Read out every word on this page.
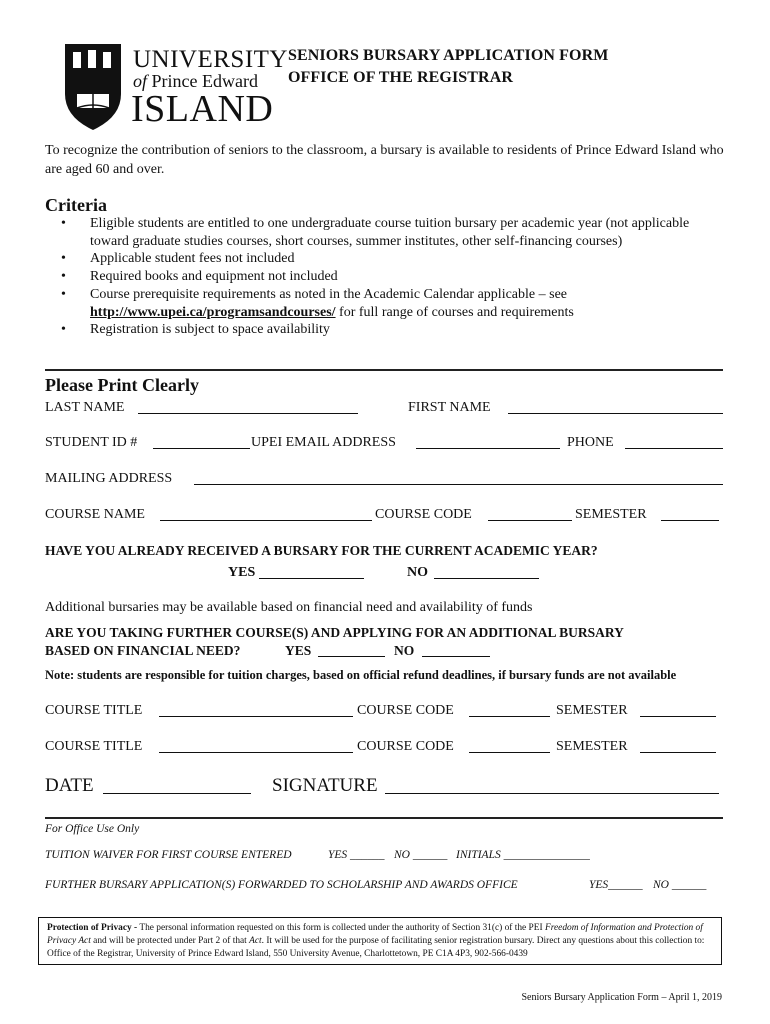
UNIVERSITY
of Prince Edward
ISLAND
SENIORS BURSARY APPLICATION FORM
OFFICE OF THE REGISTRAR
To recognize the contribution of seniors to the classroom, a bursary is available to residents of Prince Edward Island who are aged 60 and over.
Criteria
• Eligible students are entitled to one undergraduate course tuition bursary per academic year (not applicable toward graduate studies courses, short courses, summer institutes, other self-financing courses)
• Applicable student fees not included
• Required books and equipment not included
• Course prerequisite requirements as noted in the Academic Calendar applicable – see
http://www.upei.ca/programsandcourses/ for full range of courses and requirements
• Registration is subject to space availability
Please Print Clearly
LAST NAME	FIRST NAME
STUDENT ID #	UPEI EMAIL ADDRESS	PHONE
MAILING ADDRESS
COURSE NAME	COURSE CODE	SEMESTER
HAVE YOU ALREADY RECEIVED A BURSARY FOR THE CURRENT ACADEMIC YEAR?
YES	NO
Additional bursaries may be available based on financial need and availability of funds
ARE YOU TAKING FURTHER COURSE(S) AND APPLYING FOR AN ADDITIONAL BURSARY
BASED ON FINANCIAL NEED?	YES	NO
Note: students are responsible for tuition charges, based on official refund deadlines, if bursary funds are not available
COURSE TITLE	COURSE CODE	SEMESTER
COURSE TITLE	COURSE CODE	SEMESTER
DATE	SIGNATURE
For Office Use Only
TUITION WAIVER FOR FIRST COURSE ENTERED	YES ______ NO ______ INITIALS _______________
FURTHER BURSARY APPLICATION(S) FORWARDED TO SCHOLARSHIP AND AWARDS OFFICE	YES______ NO ______
Protection of Privacy - The personal information requested on this form is collected under the authority of Section 31(c) of the PEI Freedom of Information and Protection of Privacy Act and will be protected under Part 2 of that Act. It will be used for the purpose of facilitating senior registration bursary. Direct any questions about this collection to: Office of the Registrar, University of Prince Edward Island, 550 University Avenue, Charlottetown, PE C1A 4P3, 902-566-0439
Seniors Bursary Application Form – April 1, 2019
